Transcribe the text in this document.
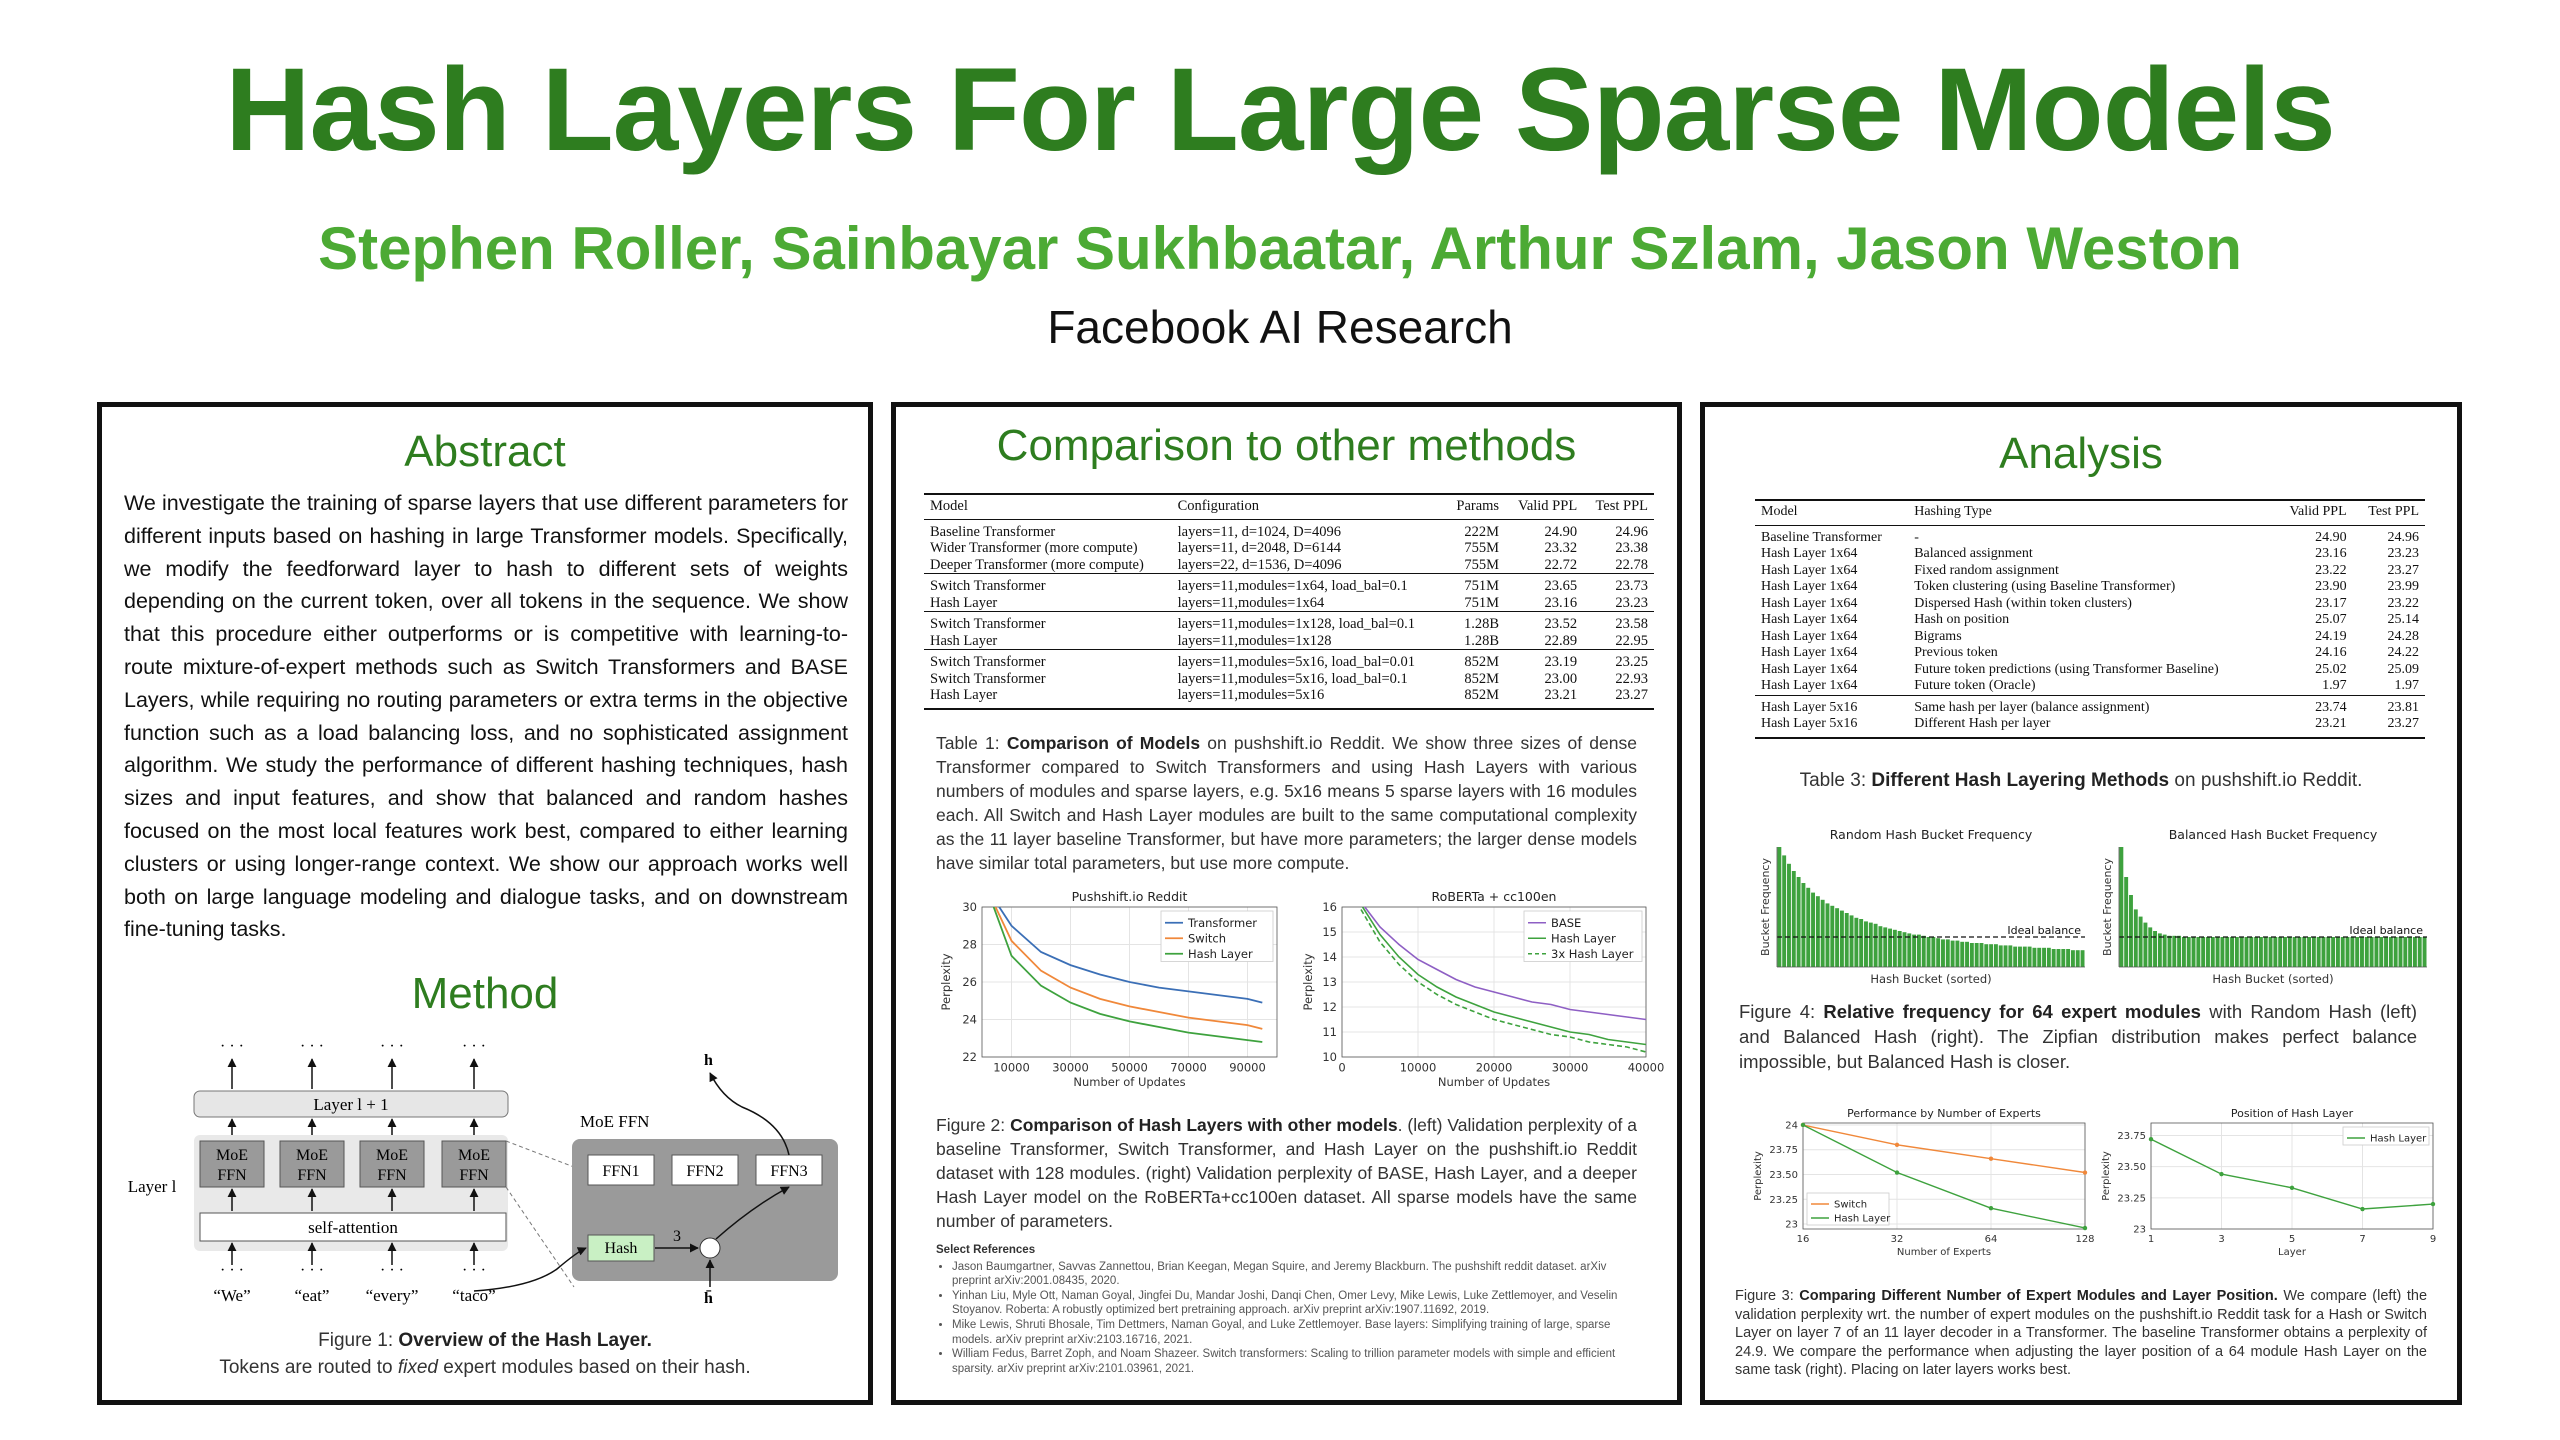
Hash Layers For Large Sparse Models
Stephen Roller, Sainbayar Sukhbaatar, Arthur Szlam, Jason Weston
Facebook AI Research
Abstract
We investigate the training of sparse layers that use different parameters for different inputs based on hashing in large Transformer models. Specifically, we modify the feedforward layer to hash to different sets of weights depending on the current token, over all tokens in the sequence. We show that this procedure either outperforms or is competitive with learning-to-route mixture-of-expert methods such as Switch Transformers and BASE Layers, while requiring no routing parameters or extra terms in the objective function such as a load balancing loss, and no sophisticated assignment algorithm. We study the performance of different hashing techniques, hash sizes and input features, and show that balanced and random hashes focused on the most local features work best, compared to either learning clusters or using longer-range context. We show our approach works well both on large language modeling and dialogue tasks, and on downstream fine-tuning tasks.
Method
· · ·	· · ·	· · ·	· · ·
Layer l + 1
Layer l
MoE
FFN
MoE
FFN
MoE
FFN
MoE
FFN
self-attention
· · ·	· · ·	· · ·	· · ·
“We”	“eat” “every” “taco”
MoE FFN
FFN1	FFN2	FFN3
Hash
3
h
h̄
Figure 1: Overview of the Hash Layer.
Tokens are routed to fixed expert modules based on their hash.
Comparison to other methods
Model	Configuration	Params	Valid PPL	Test PPL
Baseline Transformer	layers=11, d=1024, D=4096	222M	24.90	24.96
Wider Transformer (more compute)	layers=11, d=2048, D=6144	755M	23.32	23.38
Deeper Transformer (more compute)	layers=22, d=1536, D=4096	755M	22.72	22.78
Switch Transformer	layers=11,modules=1x64, load_bal=0.1	751M	23.65	23.73
Hash Layer	layers=11,modules=1x64	751M	23.16	23.23
Switch Transformer	layers=11,modules=1x128, load_bal=0.1	1.28B	23.52	23.58
Hash Layer	layers=11,modules=1x128	1.28B	22.89	22.95
Switch Transformer	layers=11,modules=5x16, load_bal=0.01	852M	23.19	23.25
Switch Transformer	layers=11,modules=5x16, load_bal=0.1	852M	23.00	22.93
Hash Layer	layers=11,modules=5x16	852M	23.21	23.27
Table 1: Comparison of Models on pushshift.io Reddit. We show three sizes of dense Transformer compared to Switch Transformers and using Hash Layers with various numbers of modules and sparse layers, e.g. 5x16 means 5 sparse layers with 16 modules each. All Switch and Hash Layer modules are built to the same computational complexity as the 11 layer baseline Transformer, but have more parameters; the larger dense models have similar total parameters, but use more compute.
Pushshift.io Reddit
22
24
26
28
30
10000 30000 50000 70000 90000
Number of Updates
Perplexity
Transformer
Switch
Hash Layer
RoBERTa + cc100en
10
11
12
13
14
15
16
0	10000	20000	30000	40000
Number of Updates
Perplexity
BASE
Hash Layer
3x Hash Layer
Figure 2: Comparison of Hash Layers with other models. (left) Validation perplexity of a baseline Transformer, Switch Transformer, and Hash Layer on the pushshift.io Reddit dataset with 128 modules. (right) Validation perplexity of BASE, Hash Layer, and a deeper Hash Layer model on the RoBERTa+cc100en dataset. All sparse models have the same number of parameters.
Select References
• Jason Baumgartner, Savvas Zannettou, Brian Keegan, Megan Squire, and Jeremy Blackburn. The pushshift reddit dataset. arXiv preprint arXiv:2001.08435, 2020.
• Yinhan Liu, Myle Ott, Naman Goyal, Jingfei Du, Mandar Joshi, Danqi Chen, Omer Levy, Mike Lewis, Luke Zettlemoyer, and Veselin Stoyanov. Roberta: A robustly optimized bert pretraining approach. arXiv preprint arXiv:1907.11692, 2019.
• Mike Lewis, Shruti Bhosale, Tim Dettmers, Naman Goyal, and Luke Zettlemoyer. Base layers: Simplifying training of large, sparse models. arXiv preprint arXiv:2103.16716, 2021.
• William Fedus, Barret Zoph, and Noam Shazeer. Switch transformers: Scaling to trillion parameter models with simple and efficient sparsity. arXiv preprint arXiv:2101.03961, 2021.
Analysis
Model	Hashing Type	Valid PPL	Test PPL
Baseline Transformer	-	24.90	24.96
Hash Layer 1x64	Balanced assignment	23.16	23.23
Hash Layer 1x64	Fixed random assignment	23.22	23.27
Hash Layer 1x64	Token clustering (using Baseline Transformer)	23.90	23.99
Hash Layer 1x64	Dispersed Hash (within token clusters)	23.17	23.22
Hash Layer 1x64	Hash on position	25.07	25.14
Hash Layer 1x64	Bigrams	24.19	24.28
Hash Layer 1x64	Previous token	24.16	24.22
Hash Layer 1x64	Future token predictions (using Transformer Baseline)	25.02	25.09
Hash Layer 1x64	Future token (Oracle)	1.97	1.97
Hash Layer 5x16	Same hash per layer (balance assignment)	23.74	23.81
Hash Layer 5x16	Different Hash per layer	23.21	23.27
Table 3: Different Hash Layering Methods on pushshift.io Reddit.
Random Hash Bucket Frequency
Ideal balance
Hash Bucket (sorted)
Bucket Frequency
Balanced Hash Bucket Frequency
Ideal balance
Hash Bucket (sorted)
Bucket Frequency
Figure 4: Relative frequency for 64 expert modules with Random Hash (left) and Balanced Hash (right). The Zipfian distribution makes perfect balance impossible, but Balanced Hash is closer.
Performance by Number of Experts
23
23.25
23.50
23.75
24
16	32	64	128
Number of Experts
Perplexity
Switch
Hash Layer
Position of Hash Layer
23
23.25
23.50
23.75
1	3	5	7	9
Layer
Perplexity
Hash Layer
Figure 3: Comparing Different Number of Expert Modules and Layer Position. We compare (left) the validation perplexity wrt. the number of expert modules on the pushshift.io Reddit task for a Hash or Switch Layer on layer 7 of an 11 layer decoder in a Transformer. The baseline Transformer obtains a perplexity of 24.9. We compare the performance when adjusting the layer position of a 64 module Hash Layer on the same task (right). Placing on later layers works best.
